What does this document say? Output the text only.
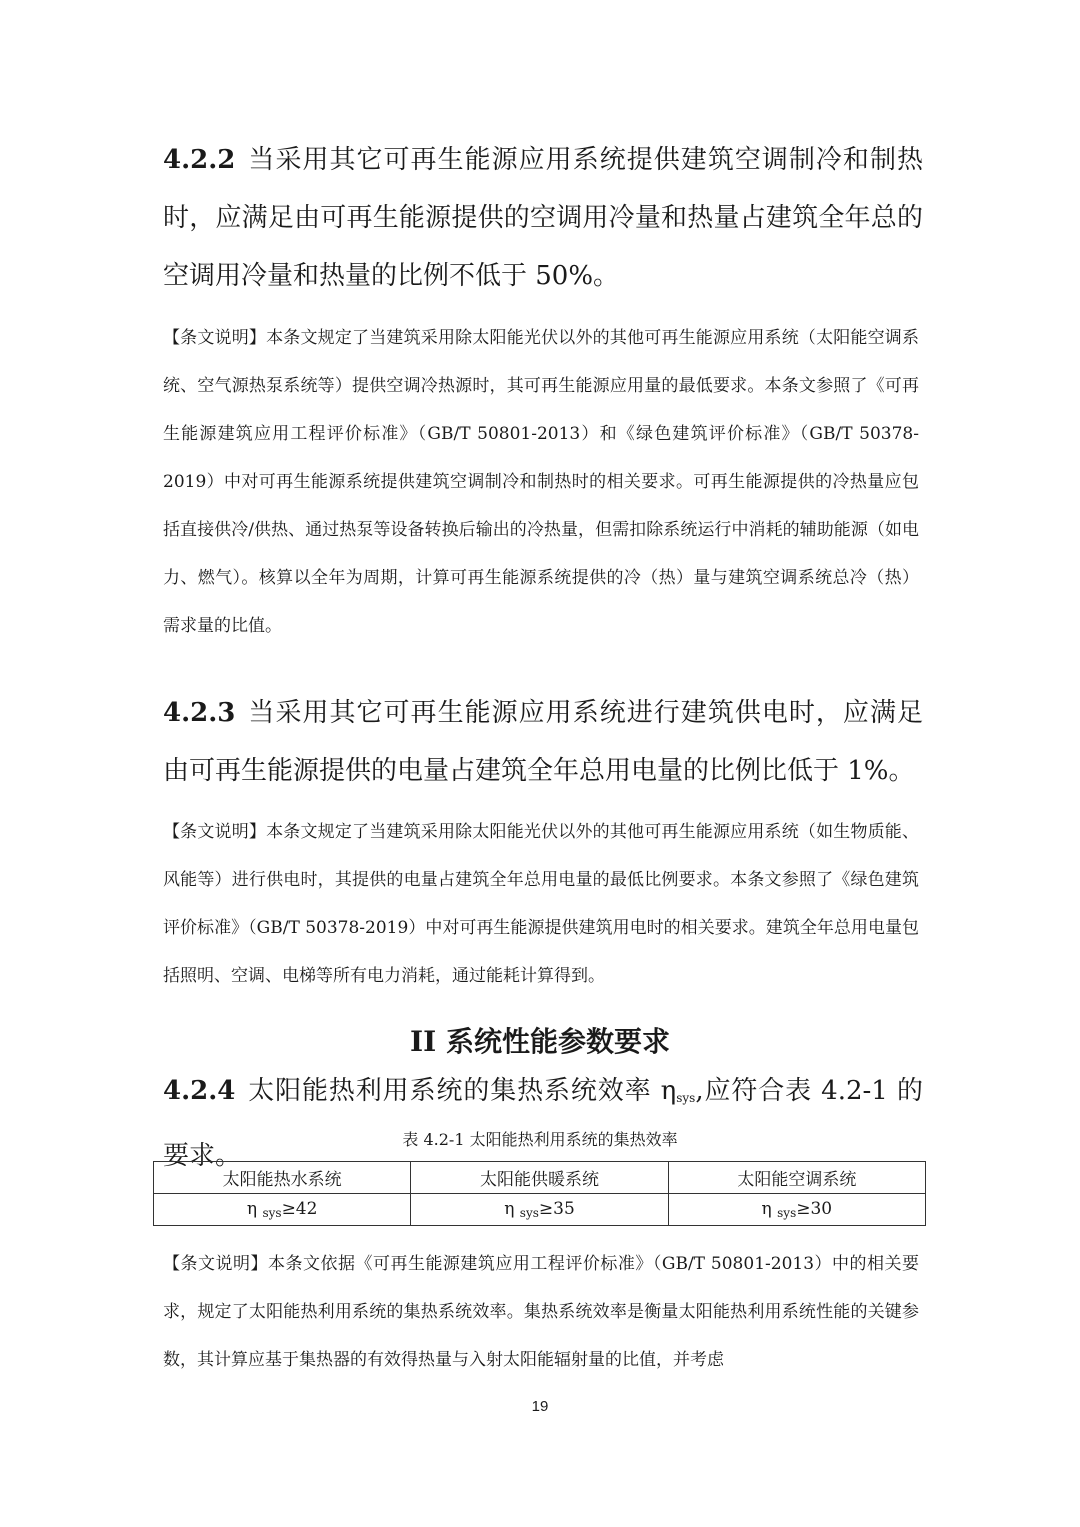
4.2.2 当采用其它可再生能源应用系统提供建筑空调制冷和制热时，应满足由可再生能源提供的空调用冷量和热量占建筑全年总的空调用冷量和热量的比例不低于 50%。
【条文说明】本条文规定了当建筑采用除太阳能光伏以外的其他可再生能源应用系统（太阳能空调系统、空气源热泵系统等）提供空调冷热源时，其可再生能源应用量的最低要求。本条文参照了《可再生能源建筑应用工程评价标准》（GB/T 50801-2013）和《绿色建筑评价标准》（GB/T 50378-2019）中对可再生能源系统提供建筑空调制冷和制热时的相关要求。可再生能源提供的冷热量应包括直接供冷/供热、通过热泵等设备转换后输出的冷热量，但需扣除系统运行中消耗的辅助能源（如电力、燃气）。核算以全年为周期，计算可再生能源系统提供的冷（热）量与建筑空调系统总冷（热）需求量的比值。
4.2.3 当采用其它可再生能源应用系统进行建筑供电时，应满足由可再生能源提供的电量占建筑全年总用电量的比例比低于 1%。
【条文说明】本条文规定了当建筑采用除太阳能光伏以外的其他可再生能源应用系统（如生物质能、风能等）进行供电时，其提供的电量占建筑全年总用电量的最低比例要求。本条文参照了《绿色建筑评价标准》（GB/T 50378-2019）中对可再生能源提供建筑用电时的相关要求。建筑全年总用电量包括照明、空调、电梯等所有电力消耗，通过能耗计算得到。
II 系统性能参数要求
4.2.4 太阳能热利用系统的集热系统效率 $\eta_{sys}$,应符合表 4.2-1 的要求。
表 4.2-1 太阳能热利用系统的集热效率
太阳能热水系统	太阳能供暖系统	太阳能空调系统
η $_{sys}$≥42	η $_{sys}$≥35	η $_{sys}$≥30
【条文说明】本条文依据《可再生能源建筑应用工程评价标准》（GB/T 50801-2013）中的相关要求，规定了太阳能热利用系统的集热系统效率。集热系统效率是衡量太阳能热利用系统性能的关键参数，其计算应基于集热器的有效得热量与入射太阳能辐射量的比值，并考虑
19
